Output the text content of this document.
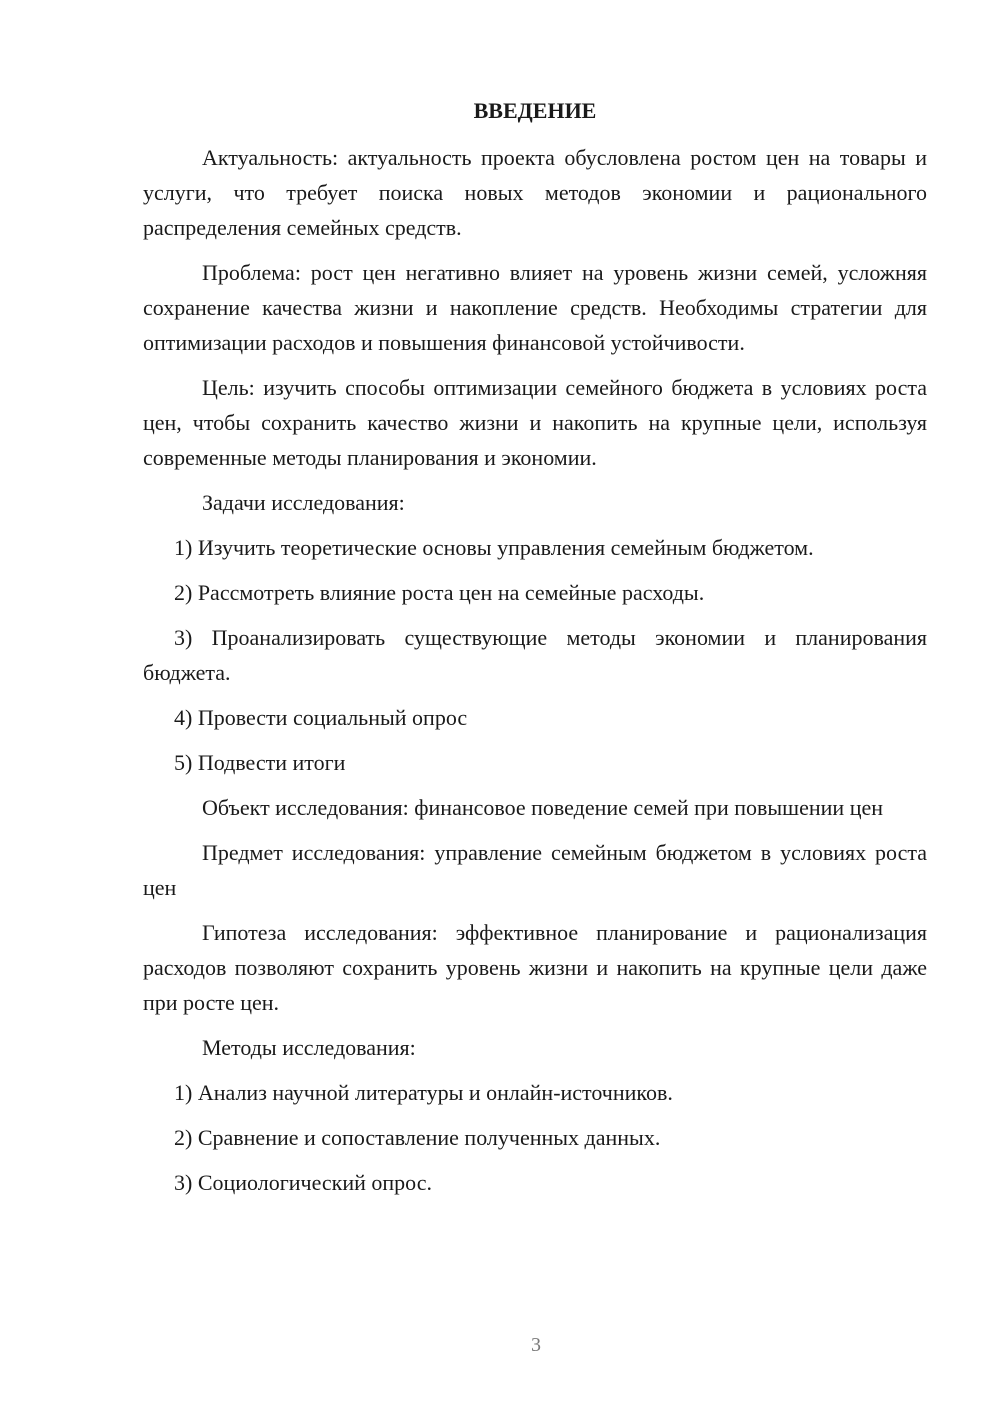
ВВЕДЕНИЕ
Актуальность: актуальность проекта обусловлена ростом цен на товары и услуги, что требует поиска новых методов экономии и рационального распределения семейных средств.
Проблема: рост цен негативно влияет на уровень жизни семей, усложняя сохранение качества жизни и накопление средств. Необходимы стратегии для оптимизации расходов и повышения финансовой устойчивости.
Цель: изучить способы оптимизации семейного бюджета в условиях роста цен, чтобы сохранить качество жизни и накопить на крупные цели, используя современные методы планирования и экономии.
Задачи исследования:
1) Изучить теоретические основы управления семейным бюджетом.
2) Рассмотреть влияние роста цен на семейные расходы.
3) Проанализировать существующие методы экономии и планирования бюджета.
4) Провести социальный опрос
5) Подвести итоги
Объект исследования: финансовое поведение семей при повышении цен
Предмет исследования: управление семейным бюджетом в условиях роста цен
Гипотеза исследования: эффективное планирование и рационализация расходов позволяют сохранить уровень жизни и накопить на крупные цели даже при росте цен.
Методы исследования:
1) Анализ научной литературы и онлайн-источников.
2) Сравнение и сопоставление полученных данных.
3) Социологический опрос.
3
